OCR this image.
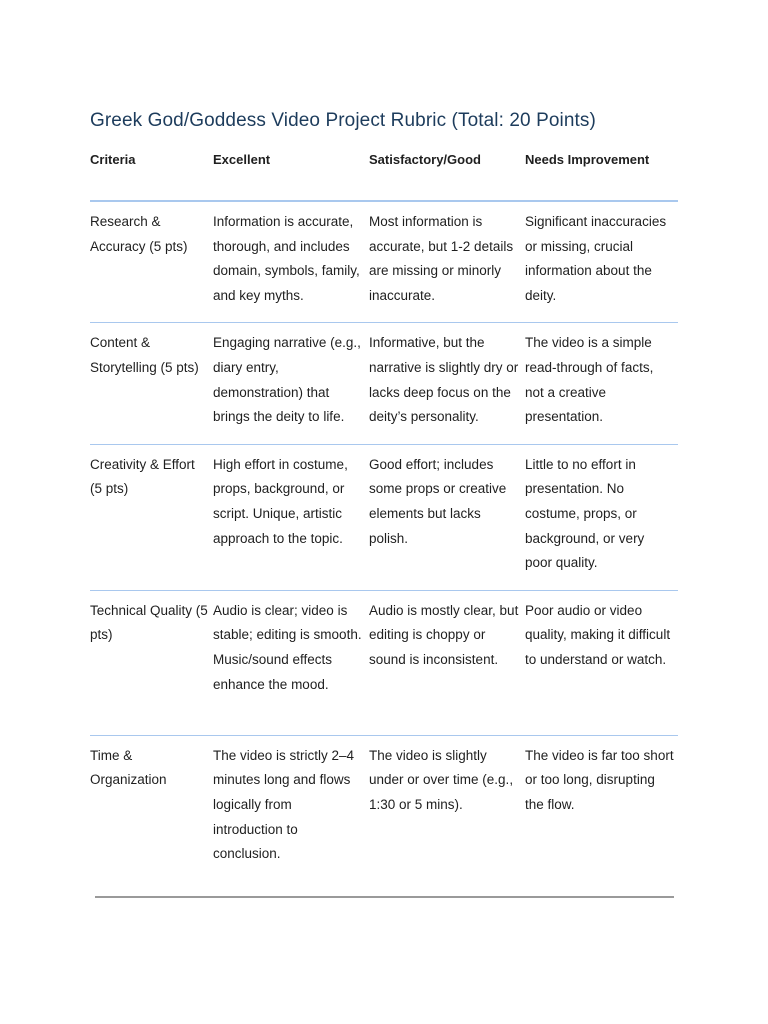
Greek God/Goddess Video Project Rubric (Total: 20 Points)
Criteria	Excellent	Satisfactory/Good	Needs Improvement
Research & Accuracy (5 pts)	Information is accurate, thorough, and includes domain, symbols, family, and key myths.	Most information is accurate, but 1-2 details are missing or minorly inaccurate.	Significant inaccuracies or missing, crucial information about the deity.
Content & Storytelling (5 pts)	Engaging narrative (e.g., diary entry, demonstration) that brings the deity to life.	Informative, but the narrative is slightly dry or lacks deep focus on the deity’s personality.	The video is a simple read-through of facts, not a creative presentation.
Creativity & Effort (5 pts)	High effort in costume, props, background, or script. Unique, artistic approach to the topic.	Good effort; includes some props or creative elements but lacks polish.	Little to no effort in presentation. No costume, props, or background, or very poor quality.
Technical Quality (5 pts)	Audio is clear; video is stable; editing is smooth. Music/sound effects enhance the mood.	Audio is mostly clear, but editing is choppy or sound is inconsistent.	Poor audio or video quality, making it difficult to understand or watch.
Time & Organization	The video is strictly 2–4 minutes long and flows logically from introduction to conclusion.	The video is slightly under or over time (e.g., 1:30 or 5 mins).	The video is far too short or too long, disrupting the flow.
